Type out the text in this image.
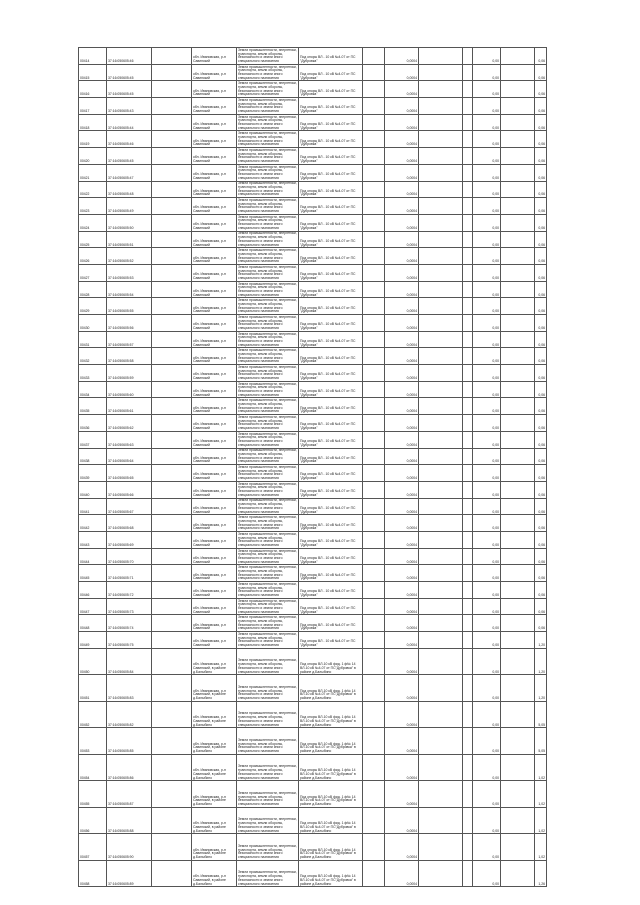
00414	37:16:050605:46		обл. Ивановская, р-н Савинский	Земли промышленности, энергетики, транспорта, земли обороны, безопасности и земли иного специального назначения	Под опоры ВЛ - 10 кВ №4-07 от ПС "Дубровка"		0,0004			0,00		0,06
00415	37:16:050605:45		обл. Ивановская, р-н Савинский	Земли промышленности, энергетики, транспорта, земли обороны, безопасности и земли иного специального назначения	Под опоры ВЛ - 10 кВ №4-07 от ПС "Дубровка"		0,0004			0,00		0,06
00416	37:16:050605:45		обл. Ивановская, р-н Савинский	Земли промышленности, энергетики, транспорта, земли обороны, безопасности и земли иного специального назначения	Под опоры ВЛ - 10 кВ №4-07 от ПС "Дубровка"		0,0004			0,00		0,06
00417	37:16:050605:43		обл. Ивановская, р-н Савинский	Земли промышленности, энергетики, транспорта, земли обороны, безопасности и земли иного специального назначения	Под опоры ВЛ - 10 кВ №4-07 от ПС "Дубровка"		0,0004			0,00		0,06
00418	37:16:050605:44		обл. Ивановская, р-н Савинский	Земли промышленности, энергетики, транспорта, земли обороны, безопасности и земли иного специального назначения	Под опоры ВЛ - 10 кВ №4-07 от ПС "Дубровка"		0,0004			0,00		0,06
00419	37:16:050605:46		обл. Ивановская, р-н Савинский	Земли промышленности, энергетики, транспорта, земли обороны, безопасности и земли иного специального назначения	Под опоры ВЛ - 10 кВ №4-07 от ПС "Дубровка"		0,0004			0,00		0,06
00420	37:16:050605:45		обл. Ивановская, р-н Савинский	Земли промышленности, энергетики, транспорта, земли обороны, безопасности и земли иного специального назначения	Под опоры ВЛ - 10 кВ №4-07 от ПС "Дубровка"		0,0004			0,00		0,06
00421	37:16:050605:47		обл. Ивановская, р-н Савинский	Земли промышленности, энергетики, транспорта, земли обороны, безопасности и земли иного специального назначения	Под опоры ВЛ - 10 кВ №4-07 от ПС "Дубровка"		0,0004			0,00		0,06
00422	37:16:050605:48		обл. Ивановская, р-н Савинский	Земли промышленности, энергетики, транспорта, земли обороны, безопасности и земли иного специального назначения	Под опоры ВЛ - 10 кВ №4-07 от ПС "Дубровка"		0,0004			0,00		0,06
00423	37:16:050605:49		обл. Ивановская, р-н Савинский	Земли промышленности, энергетики, транспорта, земли обороны, безопасности и земли иного специального назначения	Под опоры ВЛ - 10 кВ №4-07 от ПС "Дубровка"		0,0004			0,00		0,06
00424	37:16:050605:50		обл. Ивановская, р-н Савинский	Земли промышленности, энергетики, транспорта, земли обороны, безопасности и земли иного специального назначения	Под опоры ВЛ - 10 кВ №4-07 от ПС "Дубровка"		0,0004			0,00		0,06
00425	37:16:050605:51		обл. Ивановская, р-н Савинский	Земли промышленности, энергетики, транспорта, земли обороны, безопасности и земли иного специального назначения	Под опоры ВЛ - 10 кВ №4-07 от ПС "Дубровка"		0,0004			0,00		0,06
00426	37:16:050605:52		обл. Ивановская, р-н Савинский	Земли промышленности, энергетики, транспорта, земли обороны, безопасности и земли иного специального назначения	Под опоры ВЛ - 10 кВ №4-07 от ПС "Дубровка"		0,0004			0,00		0,06
00427	37:16:050605:53		обл. Ивановская, р-н Савинский	Земли промышленности, энергетики, транспорта, земли обороны, безопасности и земли иного специального назначения	Под опоры ВЛ - 10 кВ №4-07 от ПС "Дубровка"		0,0004			0,00		0,06
00428	37:16:050605:54		обл. Ивановская, р-н Савинский	Земли промышленности, энергетики, транспорта, земли обороны, безопасности и земли иного специального назначения	Под опоры ВЛ - 10 кВ №4-07 от ПС "Дубровка"		0,0004			0,00		0,06
00429	37:16:050605:55		обл. Ивановская, р-н Савинский	Земли промышленности, энергетики, транспорта, земли обороны, безопасности и земли иного специального назначения	Под опоры ВЛ - 10 кВ №4-07 от ПС "Дубровка"		0,0004			0,00		0,06
00430	37:16:050605:56		обл. Ивановская, р-н Савинский	Земли промышленности, энергетики, транспорта, земли обороны, безопасности и земли иного специального назначения	Под опоры ВЛ - 10 кВ №4-07 от ПС "Дубровка"		0,0004			0,00		0,06
00431	37:16:050605:57		обл. Ивановская, р-н Савинский	Земли промышленности, энергетики, транспорта, земли обороны, безопасности и земли иного специального назначения	Под опоры ВЛ - 10 кВ №4-07 от ПС "Дубровка"		0,0004			0,00		0,06
00432	37:16:050605:58		обл. Ивановская, р-н Савинский	Земли промышленности, энергетики, транспорта, земли обороны, безопасности и земли иного специального назначения	Под опоры ВЛ - 10 кВ №4-07 от ПС "Дубровка"		0,0004			0,00		0,06
00433	37:16:050605:59		обл. Ивановская, р-н Савинский	Земли промышленности, энергетики, транспорта, земли обороны, безопасности и земли иного специального назначения	Под опоры ВЛ - 10 кВ №4-07 от ПС "Дубровка"		0,0004			0,00		0,06
00434	37:16:050605:60		обл. Ивановская, р-н Савинский	Земли промышленности, энергетики, транспорта, земли обороны, безопасности и земли иного специального назначения	Под опоры ВЛ - 10 кВ №4-07 от ПС "Дубровка"		0,0004			0,00		0,06
00435	37:16:050605:61		обл. Ивановская, р-н Савинский	Земли промышленности, энергетики, транспорта, земли обороны, безопасности и земли иного специального назначения	Под опоры ВЛ - 10 кВ №4-07 от ПС "Дубровка"		0,0004			0,00		0,06
00436	37:16:050605:62		обл. Ивановская, р-н Савинский	Земли промышленности, энергетики, транспорта, земли обороны, безопасности и земли иного специального назначения	Под опоры ВЛ - 10 кВ №4-07 от ПС "Дубровка"		0,0004			0,00		0,06
00437	37:16:050605:63		обл. Ивановская, р-н Савинский	Земли промышленности, энергетики, транспорта, земли обороны, безопасности и земли иного специального назначения	Под опоры ВЛ - 10 кВ №4-07 от ПС "Дубровка"		0,0004			0,00		0,06
00438	37:16:050605:64		обл. Ивановская, р-н Савинский	Земли промышленности, энергетики, транспорта, земли обороны, безопасности и земли иного специального назначения	Под опоры ВЛ - 10 кВ №4-07 от ПС "Дубровка"		0,0004			0,00		0,06
00439	37:16:050605:65		обл. Ивановская, р-н Савинский	Земли промышленности, энергетики, транспорта, земли обороны, безопасности и земли иного специального назначения	Под опоры ВЛ - 10 кВ №4-07 от ПС "Дубровка"		0,0004			0,00		0,06
00440	37:16:050605:66		обл. Ивановская, р-н Савинский	Земли промышленности, энергетики, транспорта, земли обороны, безопасности и земли иного специального назначения	Под опоры ВЛ - 10 кВ №4-07 от ПС "Дубровка"		0,0004			0,00		0,06
00441	37:16:050605:67		обл. Ивановская, р-н Савинский	Земли промышленности, энергетики, транспорта, земли обороны, безопасности и земли иного специального назначения	Под опоры ВЛ - 10 кВ №4-07 от ПС "Дубровка"		0,0004			0,00		0,06
00442	37:16:050605:68		обл. Ивановская, р-н Савинский	Земли промышленности, энергетики, транспорта, земли обороны, безопасности и земли иного специального назначения	Под опоры ВЛ - 10 кВ №4-07 от ПС "Дубровка"		0,0004			0,00		0,06
00443	37:16:050605:69		обл. Ивановская, р-н Савинский	Земли промышленности, энергетики, транспорта, земли обороны, безопасности и земли иного специального назначения	Под опоры ВЛ - 10 кВ №4-07 от ПС "Дубровка"		0,0004			0,00		0,06
00444	37:16:050605:70		обл. Ивановская, р-н Савинский	Земли промышленности, энергетики, транспорта, земли обороны, безопасности и земли иного специального назначения	Под опоры ВЛ - 10 кВ №4-07 от ПС "Дубровка"		0,0004			0,00		0,06
00445	37:16:050605:71		обл. Ивановская, р-н Савинский	Земли промышленности, энергетики, транспорта, земли обороны, безопасности и земли иного специального назначения	Под опоры ВЛ - 10 кВ №4-07 от ПС "Дубровка"		0,0004			0,00		0,06
00446	37:16:050605:72		обл. Ивановская, р-н Савинский	Земли промышленности, энергетики, транспорта, земли обороны, безопасности и земли иного специального назначения	Под опоры ВЛ - 10 кВ №4-07 от ПС "Дубровка"		0,0004			0,00		0,06
00447	37:16:050605:73		обл. Ивановская, р-н Савинский	Земли промышленности, энергетики, транспорта, земли обороны, безопасности и земли иного специального назначения	Под опоры ВЛ - 10 кВ №4-07 от ПС "Дубровка"		0,0004			0,00		0,06
00448	37:16:050605:74		обл. Ивановская, р-н Савинский	Земли промышленности, энергетики, транспорта, земли обороны, безопасности и земли иного специального назначения	Под опоры ВЛ - 10 кВ №4-07 от ПС "Дубровка"		0,0004			0,00		0,06
00449	37:16:050605:75		обл. Ивановская, р-н Савинский	Земли промышленности, энергетики, транспорта, земли обороны, безопасности и земли иного специального назначения	Под опоры ВЛ - 10 кВ №4-07 от ПС "Дубровка"		0,0004			0,00		1,20
00450	37:16:050605:84		обл. Ивановская, р-н Савинский, в районе д.Балыбино	Земли промышленности, энергетики, транспорта, земли обороны, безопасности и земли иного специального назначения	Под опоры ВЛ-10 кВ фид. 1 ф№ 14 ВЛ-10 кВ №4-07 от ПС"Дубровка" в районе д.Балыбино		0,0004			0,00		1,20
00451	37:16:050605:83		обл. Ивановская, р-н Савинский, в районе д.Балыбино	Земли промышленности, энергетики, транспорта, земли обороны, безопасности и земли иного специального назначения	Под опоры ВЛ-10 кВ фид. 1 ф№ 14 ВЛ-10 кВ №4-07 от ПС"Дубровка" в районе д.Балыбино		0,0004			0,00		1,20
00452	37:16:050605:82		обл. Ивановская, р-н Савинский, в районе д.Балыбино	Земли промышленности, энергетики, транспорта, земли обороны, безопасности и земли иного специального назначения	Под опоры ВЛ-10 кВ фид. 1 ф№ 14 ВЛ-10 кВ №4-07 от ПС"Дубровка" в районе д.Балыбино		0,0004			0,00		5,05
00453	37:16:050605:85		обл. Ивановская, р-н Савинский, в районе д.Балыбино	Земли промышленности, энергетики, транспорта, земли обороны, безопасности и земли иного специального назначения	Под опоры ВЛ-10 кВ фид. 1 ф№ 14 ВЛ-10 кВ №4-07 от ПС"Дубровка" в районе д.Балыбино		0,0004			0,00		5,05
00454	37:16:050605:86		обл. Ивановская, р-н Савинский, в районе д.Балыбино	Земли промышленности, энергетики, транспорта, земли обороны, безопасности и земли иного специального назначения	Под опоры ВЛ-10 кВ фид. 1 ф№ 14 ВЛ-10 кВ №4-07 от ПС"Дубровка" в районе д.Балыбино		0,0004			0,00		1,02
00455	37:16:050605:87		обл. Ивановская, р-н Савинский, в районе д.Балыбино	Земли промышленности, энергетики, транспорта, земли обороны, безопасности и земли иного специального назначения	Под опоры ВЛ-10 кВ фид. 1 ф№ 14 ВЛ-10 кВ №4-07 от ПС"Дубровка" в районе д.Балыбино		0,0004			0,00		1,02
00456	37:16:050605:88		обл. Ивановская, р-н Савинский, в районе д.Балыбино	Земли промышленности, энергетики, транспорта, земли обороны, безопасности и земли иного специального назначения	Под опоры ВЛ-10 кВ фид. 1 ф№ 14 ВЛ-10 кВ №4-07 от ПС"Дубровка" в районе д.Балыбино		0,0004			0,00		1,02
00457	37:16:050605:90		обл. Ивановская, р-н Савинский, в районе д.Балыбино	Земли промышленности, энергетики, транспорта, земли обороны, безопасности и земли иного специального назначения	Под опоры ВЛ-10 кВ фид. 1 ф№ 14 ВЛ-10 кВ №4-07 от ПС"Дубровка" в районе д.Балыбино		0,0004			0,00		1,02
00458	37:16:050605:89		обл. Ивановская, р-н Савинский, в районе д.Балыбино	Земли промышленности, энергетики, транспорта, земли обороны, безопасности и земли иного специального назначения	Под опоры ВЛ-10 кВ фид. 1 ф№ 14 ВЛ-10 кВ №4-07 от ПС"Дубровка" в районе д.Балыбино		0,0004			0,00		1,26
